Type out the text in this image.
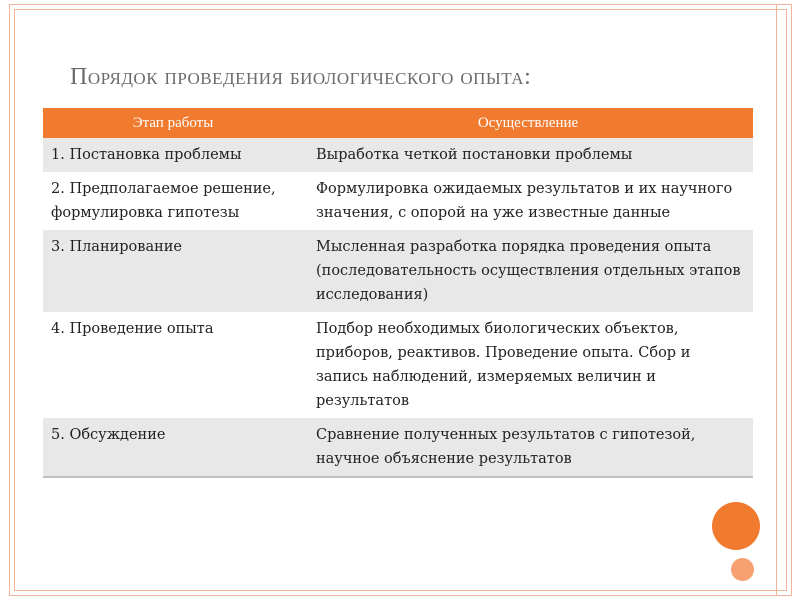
Порядок проведения биологического опыта:
Этап работы	Осуществление
1. Постановка проблемы	Выработка четкой постановки проблемы
2. Предполагаемое решение, формулировка гипотезы	Формулировка ожидаемых результатов и их научного значения, с опорой на уже известные данные
3. Планирование	Мысленная разработка порядка проведения опыта (последовательность осуществления отдельных этапов исследования)
4. Проведение опыта	Подбор необходимых биологических объектов, приборов, реактивов. Проведение опыта. Сбор и запись наблюдений, измеряемых величин и результатов
5. Обсуждение	Сравнение полученных результатов с гипотезой, научное объяснение результатов
